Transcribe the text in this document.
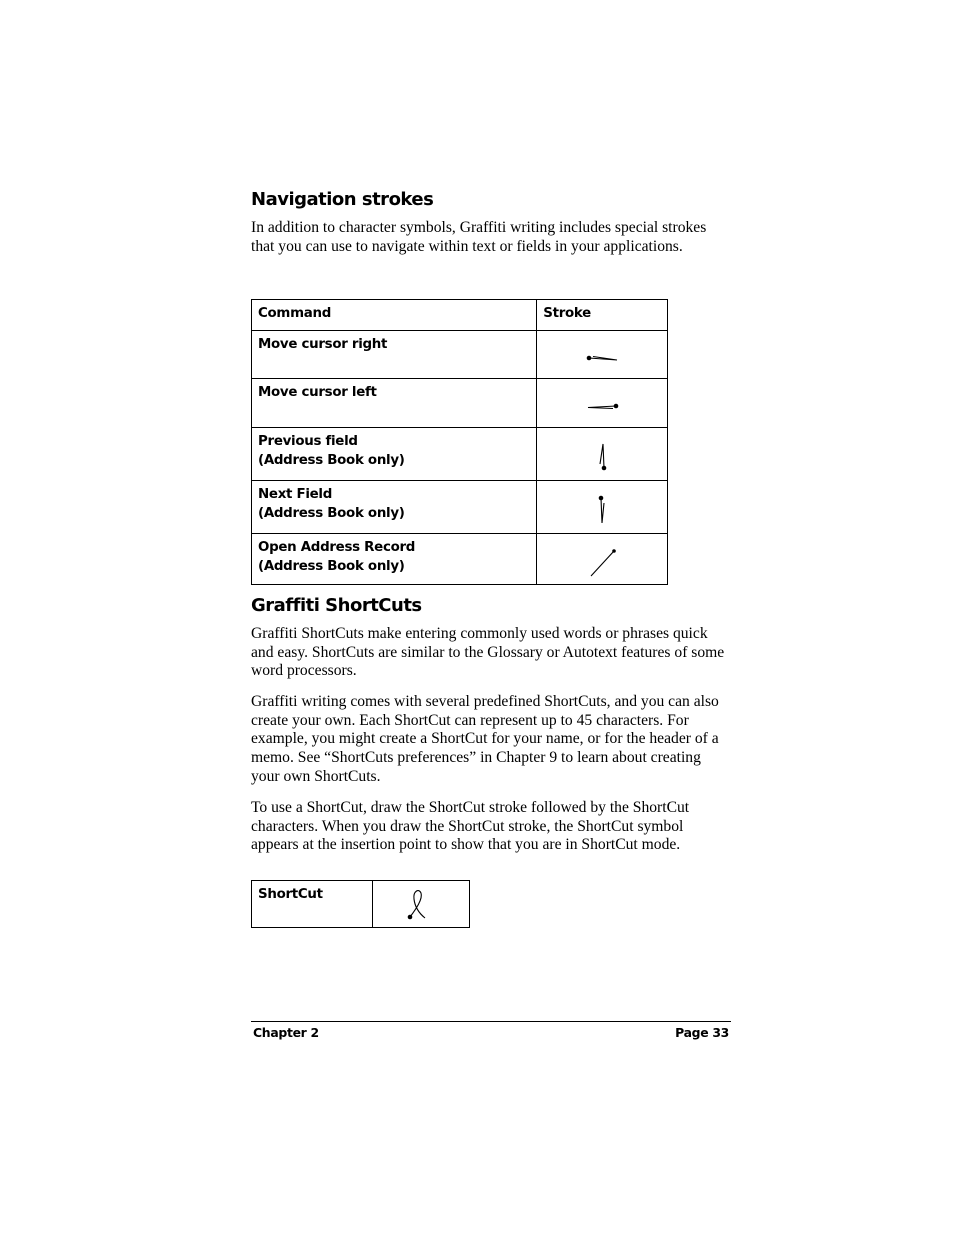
Navigation strokes

In addition to character symbols, Graffiti writing includes special strokes that you can use to navigate within text or fields in your applications.

Command	Stroke

Move cursor right

Move cursor left

Previous field
(Address Book only)

Next Field
(Address Book only)

Open Address Record
(Address Book only)

Graffiti ShortCuts

Graffiti ShortCuts make entering commonly used words or phrases quick and easy. ShortCuts are similar to the Glossary or Autotext features of some word processors.

Graffiti writing comes with several predefined ShortCuts, and you can also create your own. Each ShortCut can represent up to 45 characters. For example, you might create a ShortCut for your name, or for the header of a memo. See “ShortCuts preferences” in Chapter 9 to learn about creating your own ShortCuts.

To use a ShortCut, draw the ShortCut stroke followed by the ShortCut characters. When you draw the ShortCut stroke, the ShortCut symbol appears at the insertion point to show that you are in ShortCut mode.

ShortCut	
Chapter 2	Page 33
